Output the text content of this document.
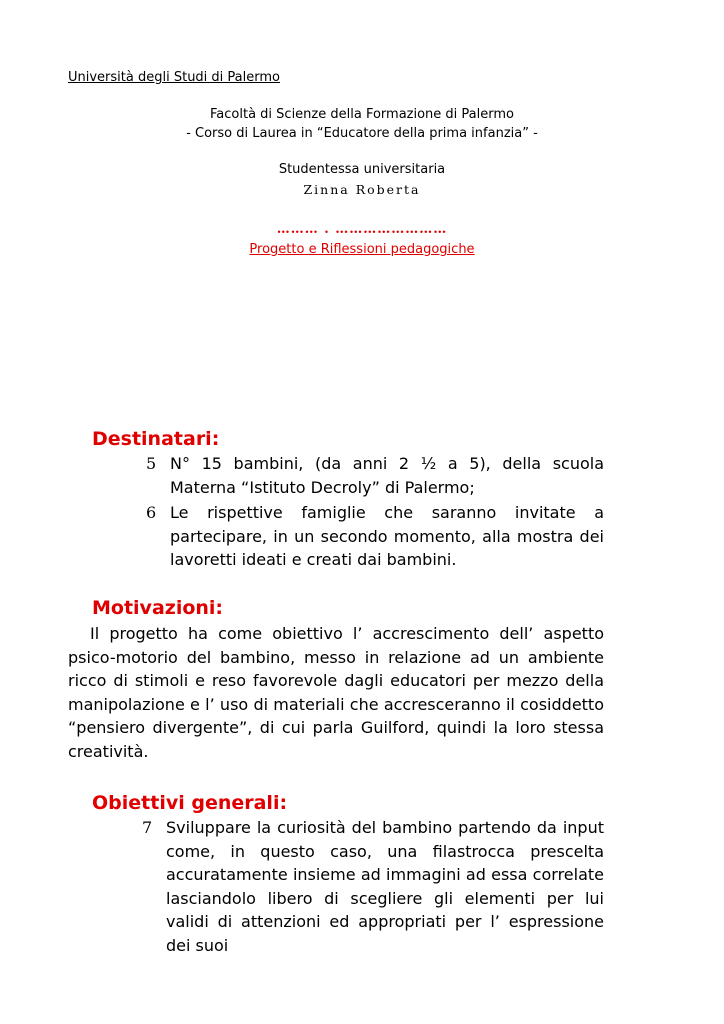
Università degli Studi di Palermo
Facoltà di Scienze della Formazione di Palermo
- Corso di Laurea in “Educatore della prima infanzia” -
Studentessa universitaria
Zinna Roberta
……… . ……………………
Progetto e Riflessioni pedagogiche
Destinatari:
5 N° 15 bambini, (da anni 2 ½ a 5), della scuola Materna “Istituto Decroly” di Palermo;
6 Le rispettive famiglie che saranno invitate a partecipare, in un secondo momento, alla mostra dei lavoretti ideati e creati dai bambini.
Motivazioni:
Il progetto ha come obiettivo l’ accrescimento dell’ aspetto psico-motorio del bambino, messo in relazione ad un ambiente ricco di stimoli e reso favorevole dagli educatori per mezzo della manipolazione e l’ uso di materiali che accresceranno il cosiddetto “pensiero divergente”, di cui parla Guilford, quindi la loro stessa creatività.
Obiettivi generali:
7 Sviluppare la curiosità del bambino partendo da input come, in questo caso, una filastrocca prescelta accuratamente insieme ad immagini ad essa correlate lasciandolo libero di scegliere gli elementi per lui validi di attenzioni ed appropriati per l’ espressione dei suoi
